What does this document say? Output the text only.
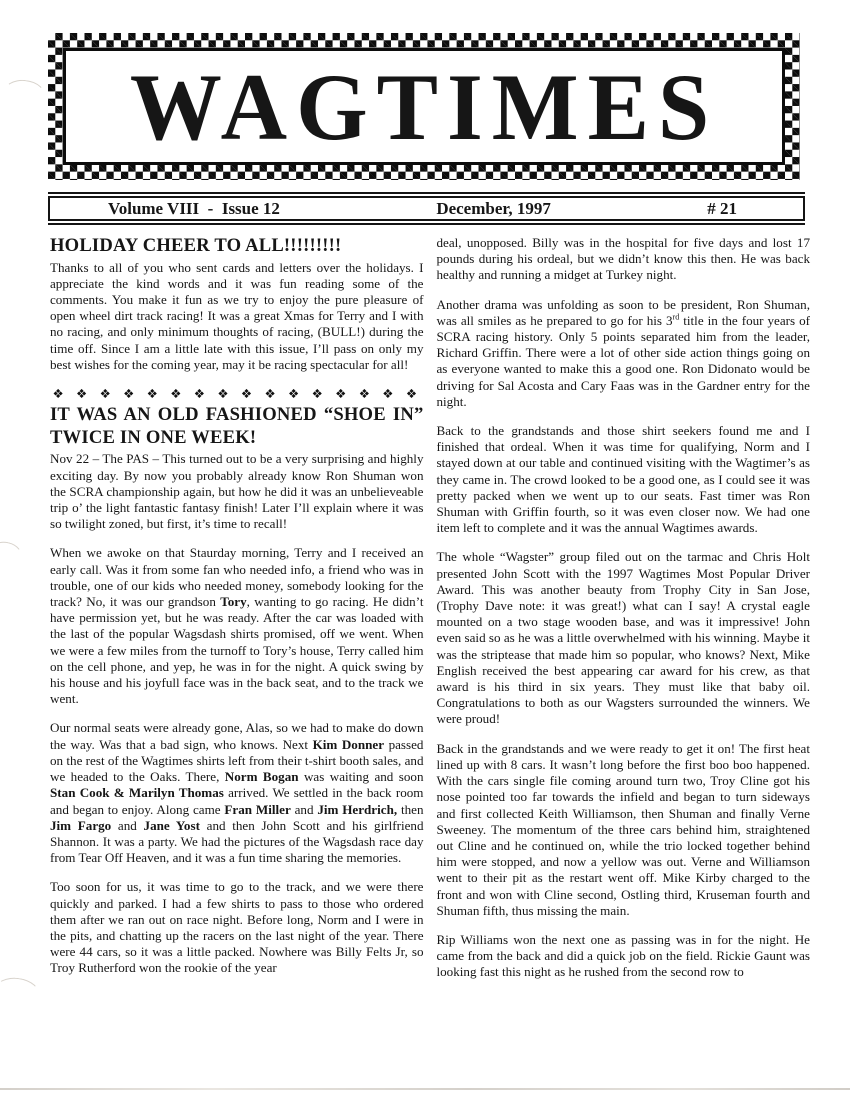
WAGTIMES
Volume VIII  -  Issue 12	December, 1997	# 21
HOLIDAY CHEER TO ALL!!!!!!!!!

Thanks to all of you who sent cards and letters over the holidays. I appreciate the kind words and it was fun reading some of the comments. You make it fun as we try to enjoy the pure pleasure of open wheel dirt track racing! It was a great Xmas for Terry and I with no racing, and only minimum thoughts of racing, (BULL!) during the time off. Since I am a little late with this issue, I’ll pass on only my best wishes for the coming year, may it be racing spectacular for all!

❖ ❖ ❖ ❖ ❖ ❖ ❖ ❖ ❖ ❖ ❖ ❖ ❖ ❖ ❖ ❖
IT WAS AN OLD FASHIONED “SHOE IN” TWICE IN ONE WEEK!

Nov 22 – The PAS – This turned out to be a very surprising and highly exciting day. By now you probably already know Ron Shuman won the SCRA championship again, but how he did it was an unbelieveable trip o’ the light fantastic fantasy finish! Later I’ll explain where it was so twilight zoned, but first, it’s time to recall!

When we awoke on that Staurday morning, Terry and I received an early call. Was it from some fan who needed info, a friend who was in trouble, one of our kids who needed money, somebody looking for the track? No, it was our grandson Tory, wanting to go racing. He didn’t have permission yet, but he was ready. After the car was loaded with the last of the popular Wagsdash shirts promised, off we went. When we were a few miles from the turnoff to Tory’s house, Terry called him on the cell phone, and yep, he was in for the night. A quick swing by his house and his joyfull face was in the back seat, and to the track we went.

Our normal seats were already gone, Alas, so we had to make do down the way. Was that a bad sign, who knows. Next Kim Donner passed on the rest of the Wagtimes shirts left from their t-shirt booth sales, and we headed to the Oaks. There, Norm Bogan was waiting and soon Stan Cook & Marilyn Thomas arrived. We settled in the back room and began to enjoy. Along came Fran Miller and Jim Herdrich, then Jim Fargo and Jane Yost and then John Scott and his girlfriend Shannon. It was a party. We had the pictures of the Wagsdash race day from Tear Off Heaven, and it was a fun time sharing the memories.

Too soon for us, it was time to go to the track, and we were there quickly and parked. I had a few shirts to pass to those who ordered them after we ran out on race night. Before long, Norm and I were in the pits, and chatting up the racers on the last night of the year. There were 44 cars, so it was a little packed. Nowhere was Billy Felts Jr, so Troy Rutherford won the rookie of the year

deal, unopposed. Billy was in the hospital for five days and lost 17 pounds during his ordeal, but we didn’t know this then. He was back healthy and running a midget at Turkey night.

Another drama was unfolding as soon to be president, Ron Shuman, was all smiles as he prepared to go for his 3rd title in the four years of SCRA racing history. Only 5 points separated him from the leader, Richard Griffin. There were a lot of other side action things going on as everyone wanted to make this a good one. Ron Didonato would be driving for Sal Acosta and Cary Faas was in the Gardner entry for the night.

Back to the grandstands and those shirt seekers found me and I finished that ordeal. When it was time for qualifying, Norm and I stayed down at our table and continued visiting with the Wagtimer’s as they came in. The crowd looked to be a good one, as I could see it was pretty packed when we went up to our seats. Fast timer was Ron Shuman with Griffin fourth, so it was even closer now. We had one item left to complete and it was the annual Wagtimes awards.

The whole “Wagster” group filed out on the tarmac and Chris Holt presented John Scott with the 1997 Wagtimes Most Popular Driver Award. This was another beauty from Trophy City in San Jose, (Trophy Dave note: it was great!) what can I say! A crystal eagle mounted on a two stage wooden base, and was it impressive! John even said so as he was a little overwhelmed with his winning. Maybe it was the striptease that made him so popular, who knows? Next, Mike English received the best appearing car award for his crew, as that award is his third in six years. They must like that baby oil. Congratulations to both as our Wagsters surrounded the winners. We were proud!

Back in the grandstands and we were ready to get it on! The first heat lined up with 8 cars. It wasn’t long before the first boo boo happened. With the cars single file coming around turn two, Troy Cline got his nose pointed too far towards the infield and began to turn sideways and first collected Keith Williamson, then Shuman and finally Verne Sweeney. The momentum of the three cars behind him, straightened out Cline and he continued on, while the trio locked together behind him were stopped, and now a yellow was out. Verne and Williamson went to their pit as the restart went off. Mike Kirby charged to the front and won with Cline second, Ostling third, Kruseman fourth and Shuman fifth, thus missing the main.

Rip Williams won the next one as passing was in for the night. He came from the back and did a quick job on the field. Rickie Gaunt was looking fast this night as he rushed from the second row to
